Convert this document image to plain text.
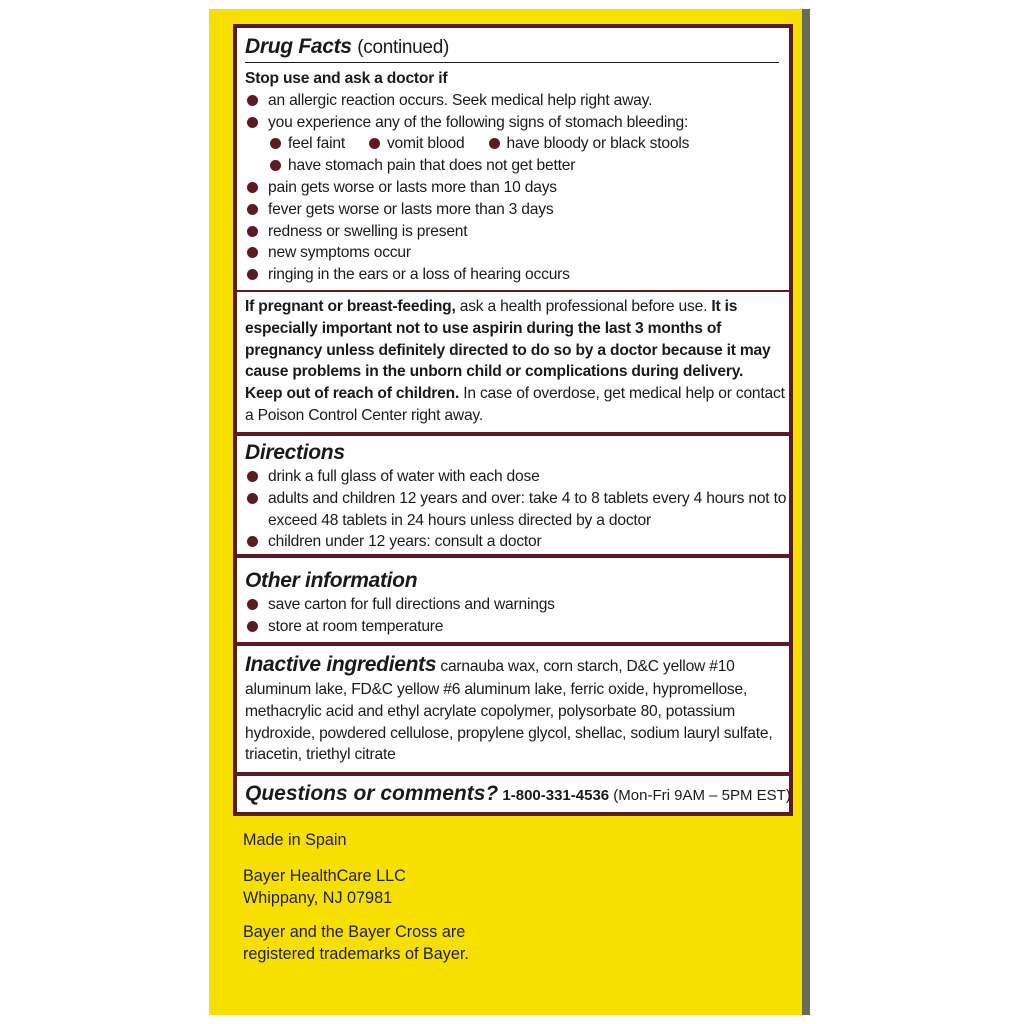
Drug Facts (continued)
Stop use and ask a doctor if
an allergic reaction occurs. Seek medical help right away.
you experience any of the following signs of stomach bleeding:
feel faint	vomit blood	have bloody or black stools
have stomach pain that does not get better
pain gets worse or lasts more than 10 days
fever gets worse or lasts more than 3 days
redness or swelling is present
new symptoms occur
ringing in the ears or a loss of hearing occurs
If pregnant or breast-feeding, ask a health professional before use. It is
especially important not to use aspirin during the last 3 months of
pregnancy unless definitely directed to do so by a doctor because it may
cause problems in the unborn child or complications during delivery.
Keep out of reach of children. In case of overdose, get medical help or contact
a Poison Control Center right away.
Directions
drink a full glass of water with each dose
adults and children 12 years and over: take 4 to 8 tablets every 4 hours not to
exceed 48 tablets in 24 hours unless directed by a doctor
children under 12 years: consult a doctor
Other information
save carton for full directions and warnings
store at room temperature
Inactive ingredients carnauba wax, corn starch, D&C yellow #10
aluminum lake, FD&C yellow #6 aluminum lake, ferric oxide, hypromellose,
methacrylic acid and ethyl acrylate copolymer, polysorbate 80, potassium
hydroxide, powdered cellulose, propylene glycol, shellac, sodium lauryl sulfate,
triacetin, triethyl citrate
Questions or comments? 1-800-331-4536 (Mon-Fri 9AM – 5PM EST)
Made in Spain
Bayer HealthCare LLC
Whippany, NJ 07981
Bayer and the Bayer Cross are
registered trademarks of Bayer.
